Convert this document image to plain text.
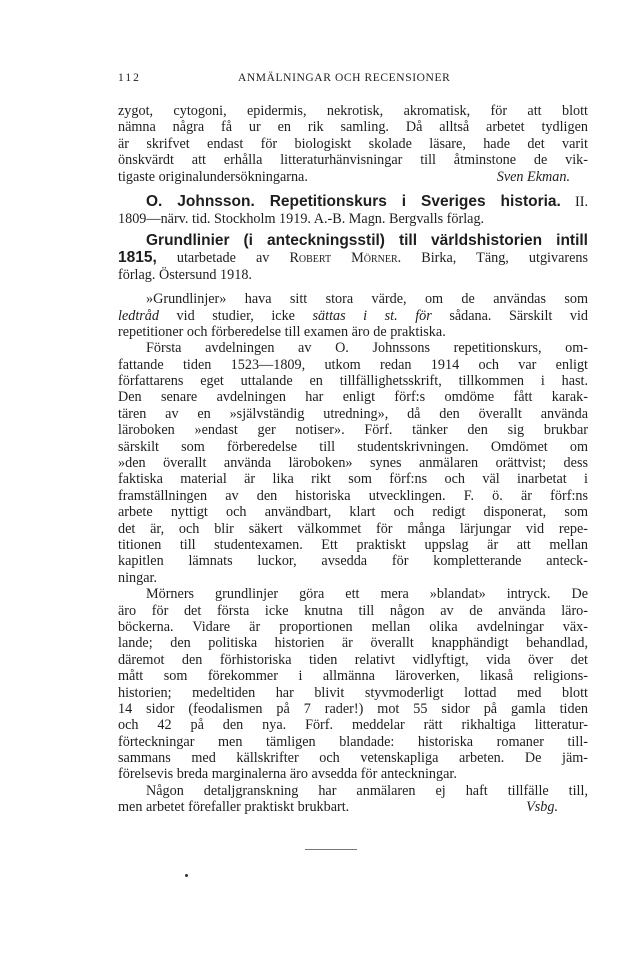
112	ANMÄLNINGAR OCH RECENSIONER
zygot, cytogoni, epidermis, nekrotisk, akromatisk, för att blott
nämna några få ur en rik samling. Då alltså arbetet tydligen
är skrifvet endast för biologiskt skolade läsare, hade det varit
önskvärdt att erhålla litteraturhänvisningar till åtminstone de vik-
tigaste originalundersökningarna.	Sven Ekman.
O. Johnsson. Repetitionskurs i Sveriges historia. II.
1809—närv. tid. Stockholm 1919. A.-B. Magn. Bergvalls förlag.
Grundlinier (i anteckningsstil) till världshistorien intill
1815, utarbetade av Robert Mörner. Birka, Täng, utgivarens
förlag. Östersund 1918.
»Grundlinjer» hava sitt stora värde, om de användas som
ledtråd vid studier, icke sättas i st. för sådana. Särskilt vid
repetitioner och förberedelse till examen äro de praktiska.
Första avdelningen av O. Johnssons repetitionskurs, om-
fattande tiden 1523—1809, utkom redan 1914 och var enligt
författarens eget uttalande en tillfällighetsskrift, tillkommen i hast.
Den senare avdelningen har enligt förf:s omdöme fått karak-
tären av en »självständig utredning», då den överallt använda
läroboken »endast ger notiser». Förf. tänker den sig brukbar
särskilt som förberedelse till studentskrivningen. Omdömet om
»den överallt använda läroboken» synes anmälaren orättvist; dess
faktiska material är lika rikt som förf:ns och väl inarbetat i
framställningen av den historiska utvecklingen. F. ö. är förf:ns
arbete nyttigt och användbart, klart och redigt disponerat, som
det är, och blir säkert välkommet för många lärjungar vid repe-
titionen till studentexamen. Ett praktiskt uppslag är att mellan
kapitlen lämnats luckor, avsedda för kompletterande anteck-
ningar.
Mörners grundlinjer göra ett mera »blandat» intryck. De
äro för det första icke knutna till någon av de använda läro-
böckerna. Vidare är proportionen mellan olika avdelningar väx-
lande; den politiska historien är överallt knapphändigt behandlad,
däremot den förhistoriska tiden relativt vidlyftigt, vida över det
mått som förekommer i allmänna läroverken, likaså religions-
historien; medeltiden har blivit styvmoderligt lottad med blott
14 sidor (feodalismen på 7 rader!) mot 55 sidor på gamla tiden
och 42 på den nya. Förf. meddelar rätt rikhaltiga litteratur-
förteckningar men tämligen blandade: historiska romaner till-
sammans med källskrifter och vetenskapliga arbeten. De jäm-
förelsevis breda marginalerna äro avsedda för anteckningar.
Någon detaljgranskning har anmälaren ej haft tillfälle till,
men arbetet förefaller praktiskt brukbart.	Vsbg.
